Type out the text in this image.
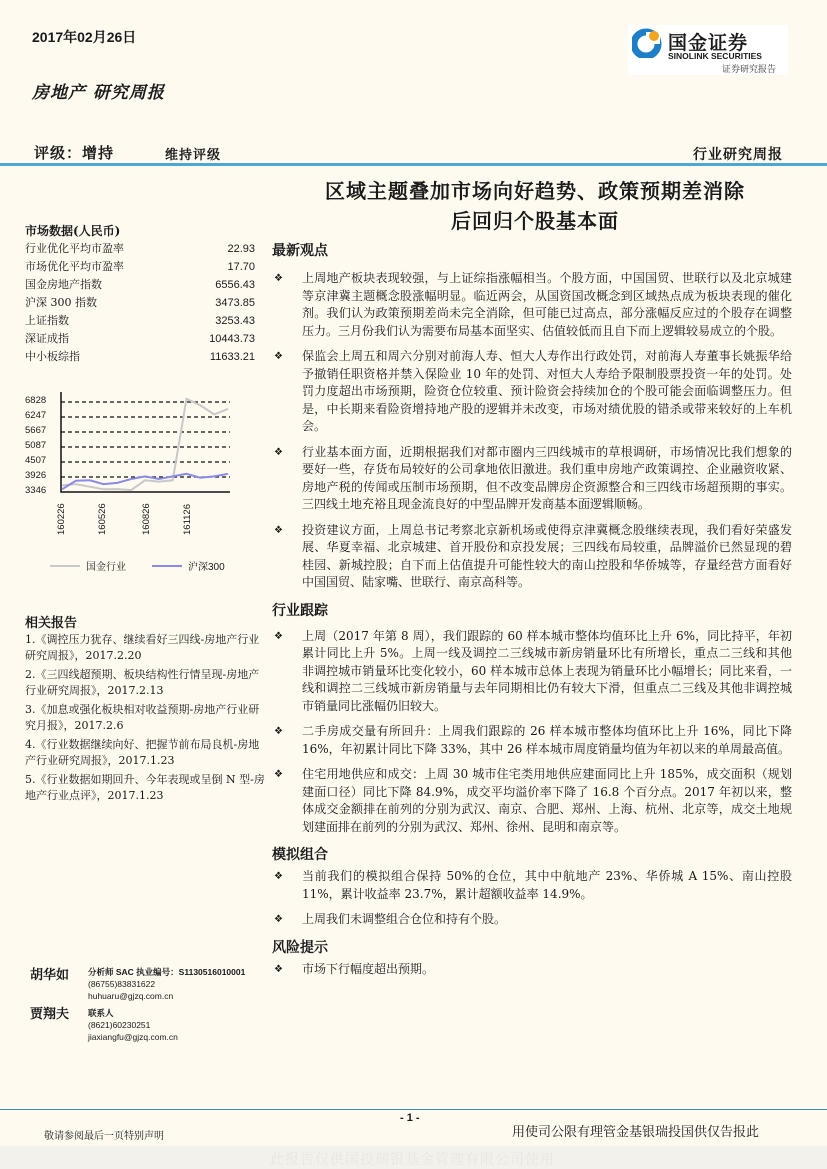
2017年02月26日
房地产 研究周报
评级：增持	维持评级	行业研究周报
国金证券
SINOLINK SECURITIES
证券研究报告
区域主题叠加市场向好趋势、政策预期差消除
后回归个股基本面
市场数据(人民币)
行业优化平均市盈率	22.93
市场优化平均市盈率	17.70
国金房地产指数	6556.43
沪深 300 指数	3473.85
上证指数	3253.43
深证成指	10443.73
中小板综指	11633.21
6828
6247
5667
5087
4507
3926
3346
160226	160526	160826	161126
国金行业	沪深300
相关报告
1.《调控压力犹存、继续看好三四线-房地产行业研究周报》，2017.2.20
2.《三四线超预期、板块结构性行情呈现-房地产行业研究周报》，2017.2.13
3.《加息或强化板块相对收益预期-房地产行业研究月报》，2017.2.6
4.《行业数据继续向好、把握节前布局良机-房地产行业研究周报》，2017.1.23
5.《行业数据如期回升、今年表现或呈倒 N 型-房地产行业点评》，2017.1.23
胡华如 分析师 SAC 执业编号：S1130516010001
(86755)83831622
huhuaru@gjzq.com.cn
贾翔夫 联系人
(8621)60230251
jiaxiangfu@gjzq.com.cn
最新观点
❖ 上周地产板块表现较强，与上证综指涨幅相当。个股方面，中国国贸、世联行以及北京城建等京津冀主题概念股涨幅明显。临近两会，从国资国改概念到区域热点成为板块表现的催化剂。我们认为政策预期差尚未完全消除，但可能已过高点，部分涨幅反应过的个股存在调整压力。三月份我们认为需要布局基本面坚实、估值较低而且自下而上逻辑较易成立的个股。
❖ 保监会上周五和周六分别对前海人寿、恒大人寿作出行政处罚，对前海人寿董事长姚振华给予撤销任职资格并禁入保险业 10 年的处罚、对恒大人寿给予限制股票投资一年的处罚。处罚力度超出市场预期，险资仓位较重、预计险资会持续加仓的个股可能会面临调整压力。但是，中长期来看险资增持地产股的逻辑并未改变，市场对绩优股的错杀或带来较好的上车机会。
❖ 行业基本面方面，近期根据我们对都市圈内三四线城市的草根调研，市场情况比我们想象的要好一些，存货布局较好的公司拿地依旧激进。我们重申房地产政策调控、企业融资收紧、房地产税的传闻或压制市场预期，但不改变品牌房企资源整合和三四线市场超预期的事实。三四线土地充裕且现金流良好的中型品牌开发商基本面逻辑顺畅。
❖ 投资建议方面，上周总书记考察北京新机场或使得京津冀概念股继续表现，我们看好荣盛发展、华夏幸福、北京城建、首开股份和京投发展；三四线布局较重，品牌溢价已然显现的碧桂园、新城控股；自下而上估值提升可能性较大的南山控股和华侨城等，存量经营方面看好中国国贸、陆家嘴、世联行、南京高科等。
行业跟踪
❖ 上周（2017 年第 8 周），我们跟踪的 60 样本城市整体均值环比上升 6%，同比持平，年初累计同比上升 5%。上周一线及调控二三线城市新房销量环比有所增长，重点二三线和其他非调控城市销量环比变化较小，60 样本城市总体上表现为销量环比小幅增长；同比来看，一线和调控二三线城市新房销量与去年同期相比仍有较大下滑，但重点二三线及其他非调控城市销量同比涨幅仍旧较大。
❖ 二手房成交量有所回升：上周我们跟踪的 26 样本城市整体均值环比上升 16%，同比下降 16%，年初累计同比下降 33%，其中 26 样本城市周度销量均值为年初以来的单周最高值。
❖ 住宅用地供应和成交：上周 30 城市住宅类用地供应建面同比上升 185%，成交面积（规划建面口径）同比下降 84.9%，成交平均溢价率下降了 16.8 个百分点。2017 年初以来，整体成交金额排在前列的分别为武汉、南京、合肥、郑州、上海、杭州、北京等，成交土地规划建面排在前列的分别为武汉、郑州、徐州、昆明和南京等。
模拟组合
❖ 当前我们的模拟组合保持 50%的仓位，其中中航地产 23%、华侨城 A 15%、南山控股 11%，累计收益率 23.7%，累计超额收益率 14.9%。
❖ 上周我们未调整组合仓位和持有个股。
风险提示
❖ 市场下行幅度超出预期。
- 1 -
敬请参阅最后一页特别声明	用使司公限有理管金基银瑞投国供仅告报此
此报告仅供国投瑞银基金管理有限公司使用
